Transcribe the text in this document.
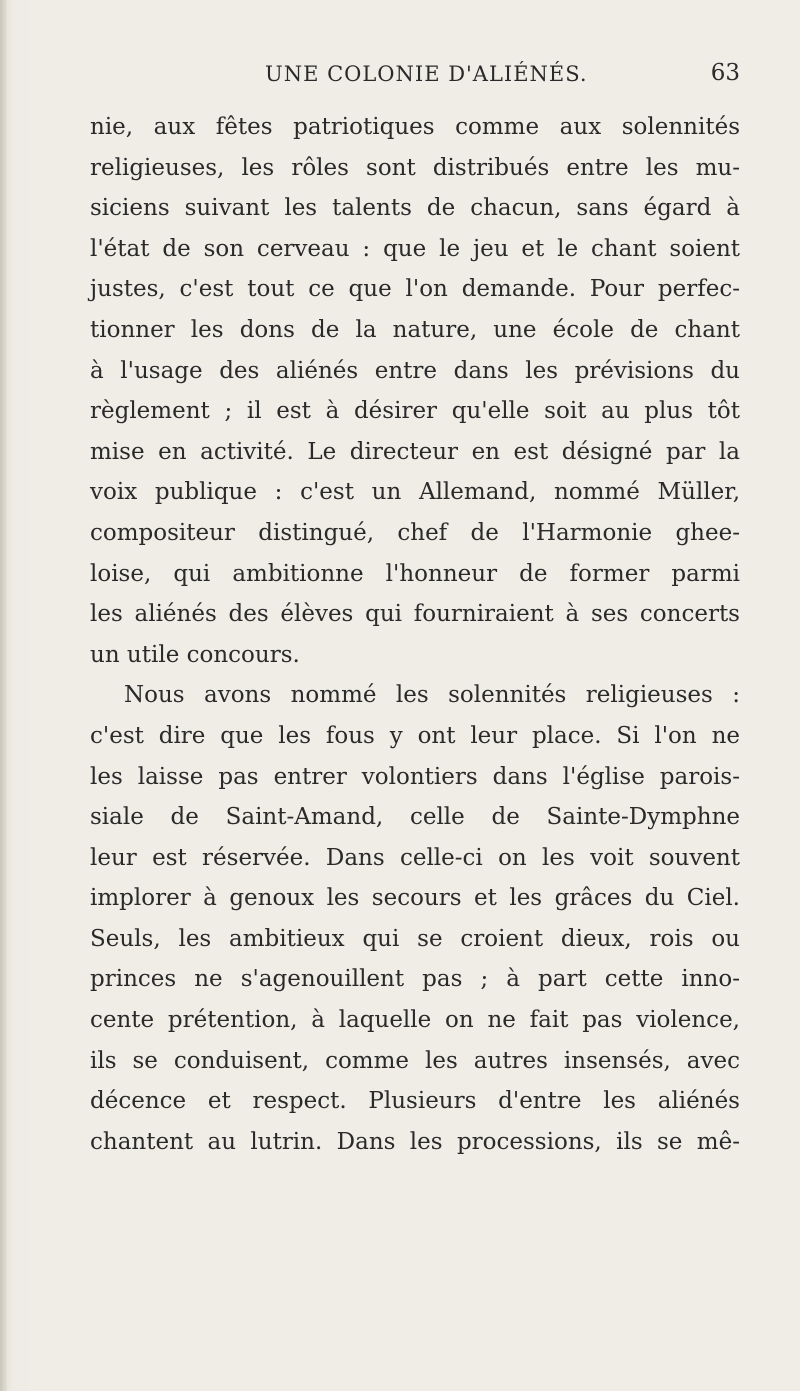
UNE COLONIE D'ALIÉNÉS.	63
nie, aux fêtes patriotiques comme aux solennités
religieuses, les rôles sont distribués entre les mu-
siciens suivant les talents de chacun, sans égard à
l'état de son cerveau : que le jeu et le chant soient
justes, c'est tout ce que l'on demande. Pour perfec-
tionner les dons de la nature, une école de chant
à l'usage des aliénés entre dans les prévisions du
règlement ; il est à désirer qu'elle soit au plus tôt
mise en activité. Le directeur en est désigné par la
voix publique : c'est un Allemand, nommé Müller,
compositeur distingué, chef de l'Harmonie ghee-
loise, qui ambitionne l'honneur de former parmi
les aliénés des élèves qui fourniraient à ses concerts
un utile concours.
Nous avons nommé les solennités religieuses :
c'est dire que les fous y ont leur place. Si l'on ne
les laisse pas entrer volontiers dans l'église parois-
siale de Saint-Amand, celle de Sainte-Dymphne
leur est réservée. Dans celle-ci on les voit souvent
implorer à genoux les secours et les grâces du Ciel.
Seuls, les ambitieux qui se croient dieux, rois ou
princes ne s'agenouillent pas ; à part cette inno-
cente prétention, à laquelle on ne fait pas violence,
ils se conduisent, comme les autres insensés, avec
décence et respect. Plusieurs d'entre les aliénés
chantent au lutrin. Dans les processions, ils se mê-
